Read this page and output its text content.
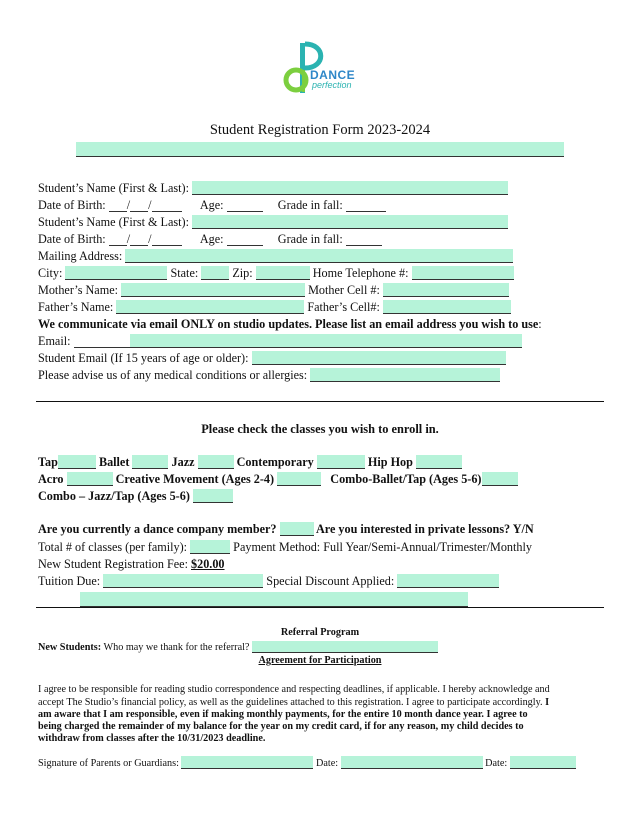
DANCE
perfection
Student Registration Form 2023-2024
Student’s Name (First & Last):
Date of Birth: / /	Age:	Grade in fall:
Student’s Name (First & Last):
Date of Birth: / /	Age:	Grade in fall:
Mailing Address:
City:	State:	Zip:	Home Telephone #:
Mother’s Name:	Mother Cell #:
Father’s Name:	Father’s Cell#:
We communicate via email ONLY on studio updates. Please list an email address you wish to use:
Email:
Student Email (If 15 years of age or older):
Please advise us of any medical conditions or allergies:
Please check the classes you wish to enroll in.
Tap	Ballet	Jazz	Contemporary	Hip Hop
Acro	Creative Movement (Ages 2-4)	Combo-Ballet/Tap (Ages 5-6)
Combo – Jazz/Tap (Ages 5-6)
Are you currently a dance company member?	Are you interested in private lessons? Y/N
Total # of classes (per family):	Payment Method: Full Year/Semi-Annual/Trimester/Monthly
New Student Registration Fee: $20.00
Tuition Due:	Special Discount Applied:
Referral Program
New Students: Who may we thank for the referral?
Agreement for Participation
I agree to be responsible for reading studio correspondence and respecting deadlines, if applicable. I hereby acknowledge and
accept The Studio’s financial policy, as well as the guidelines attached to this registration. I agree to participate accordingly. I
am aware that I am responsible, even if making monthly payments, for the entire 10 month dance year. I agree to
being charged the remainder of my balance for the year on my credit card, if for any reason, my child decides to
withdraw from classes after the 10/31/2023 deadline.
Signature of Parents or Guardians:	Date:	Date:
